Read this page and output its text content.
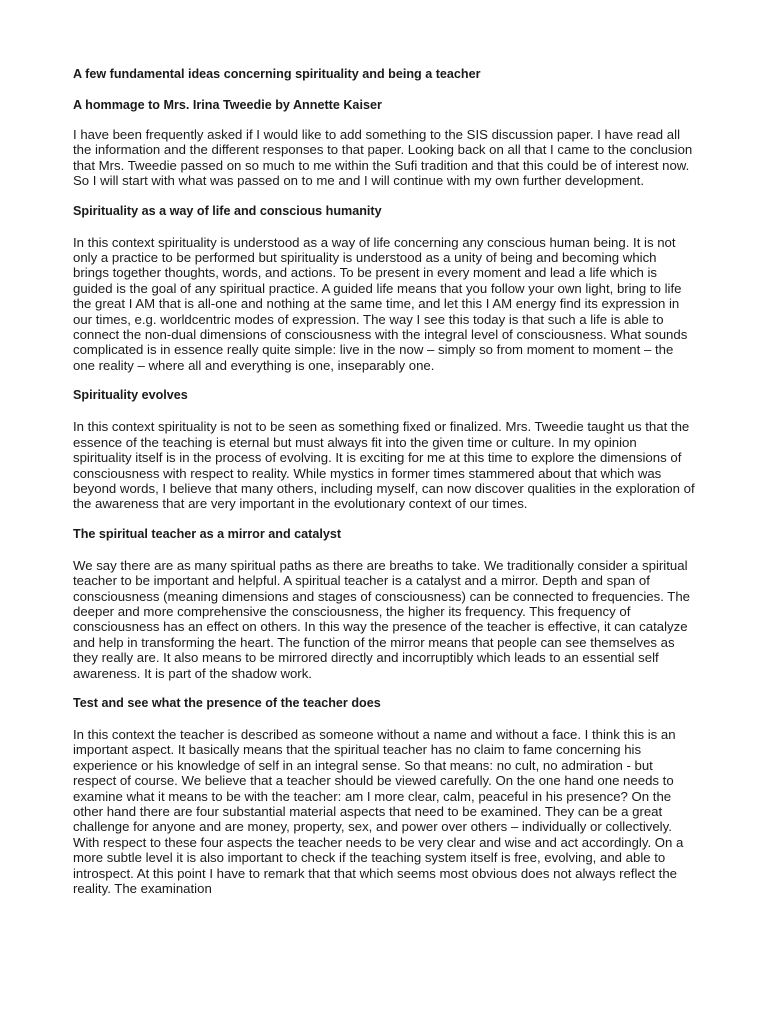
A few fundamental ideas concerning spirituality and being a teacher
A hommage to Mrs. Irina Tweedie by Annette Kaiser

I have been frequently asked if I would like to add something to the SIS discussion paper. I have read all the information and the different responses to that paper. Looking back on all that I came to the conclusion that Mrs. Tweedie passed on so much to me within the Sufi tradition and that this could be of interest now. So I will start with what was passed on to me and I will continue with my own further development.

Spirituality as a way of life and conscious humanity

In this context spirituality is understood as a way of life concerning any conscious human being. It is not only a practice to be performed but spirituality is understood as a unity of being and becoming which brings together thoughts, words, and actions. To be present in every moment and lead a life which is guided is the goal of any spiritual practice. A guided life means that you follow your own light, bring to life the great I AM that is all-one and nothing at the same time, and let this I AM energy find its expression in our times, e.g. worldcentric modes of expression. The way I see this today is that such a life is able to connect the non-dual dimensions of consciousness with the integral level of consciousness. What sounds complicated is in essence really quite simple: live in the now – simply so from moment to moment – the one reality – where all and everything is one, inseparably one.

Spirituality evolves

In this context spirituality is not to be seen as something fixed or finalized. Mrs. Tweedie taught us that the essence of the teaching is eternal but must always fit into the given time or culture. In my opinion spirituality itself is in the process of evolving. It is exciting for me at this time to explore the dimensions of consciousness with respect to reality. While mystics in former times stammered about that which was beyond words, I believe that many others, including myself, can now discover qualities in the exploration of the awareness that are very important in the evolutionary context of our times.

The spiritual teacher as a mirror and catalyst

We say there are as many spiritual paths as there are breaths to take. We traditionally consider a spiritual teacher to be important and helpful. A spiritual teacher is a catalyst and a mirror. Depth and span of consciousness (meaning dimensions and stages of consciousness) can be connected to frequencies. The deeper and more comprehensive the consciousness, the higher its frequency. This frequency of consciousness has an effect on others. In this way the presence of the teacher is effective, it can catalyze and help in transforming the heart. The function of the mirror means that people can see themselves as they really are. It also means to be mirrored directly and incorruptibly which leads to an essential self awareness. It is part of the shadow work.

Test and see what the presence of the teacher does

In this context the teacher is described as someone without a name and without a face. I think this is an important aspect. It basically means that the spiritual teacher has no claim to fame concerning his experience or his knowledge of self in an integral sense. So that means: no cult, no admiration - but respect of course. We believe that a teacher should be viewed carefully. On the one hand one needs to examine what it means to be with the teacher: am I more clear, calm, peaceful in his presence? On the other hand there are four substantial material aspects that need to be examined. They can be a great challenge for anyone and are money, property, sex, and power over others – individually or collectively. With respect to these four aspects the teacher needs to be very clear and wise and act accordingly. On a more subtle level it is also important to check if the teaching system itself is free, evolving, and able to introspect. At this point I have to remark that that which seems most obvious does not always reflect the reality. The examination
